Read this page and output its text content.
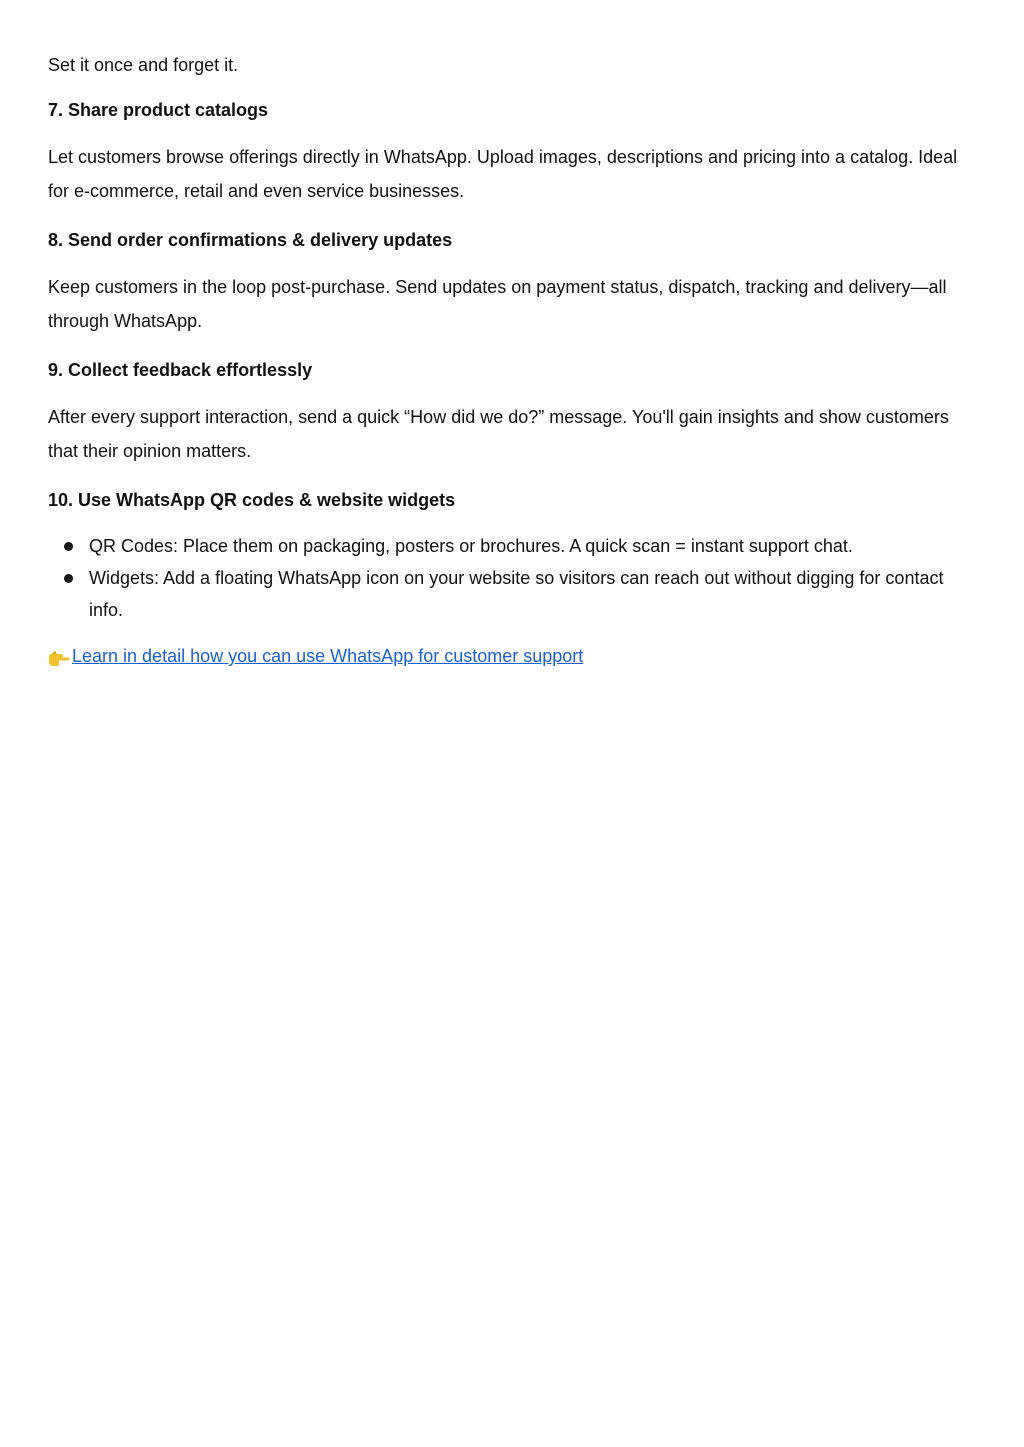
Set it once and forget it.

7. Share product catalogs

Let customers browse offerings directly in WhatsApp. Upload images, descriptions and pricing into a catalog. Ideal for e-commerce, retail and even service businesses.

8. Send order confirmations & delivery updates

Keep customers in the loop post-purchase. Send updates on payment status, dispatch, tracking and delivery—all through WhatsApp.

9. Collect feedback effortlessly

After every support interaction, send a quick “How did we do?” message. You'll gain insights and show customers that their opinion matters.

10. Use WhatsApp QR codes & website widgets
QR Codes: Place them on packaging, posters or brochures. A quick scan = instant support chat.
Widgets: Add a floating WhatsApp icon on your website so visitors can reach out without digging for contact info.
Learn in detail how you can use WhatsApp for customer support
